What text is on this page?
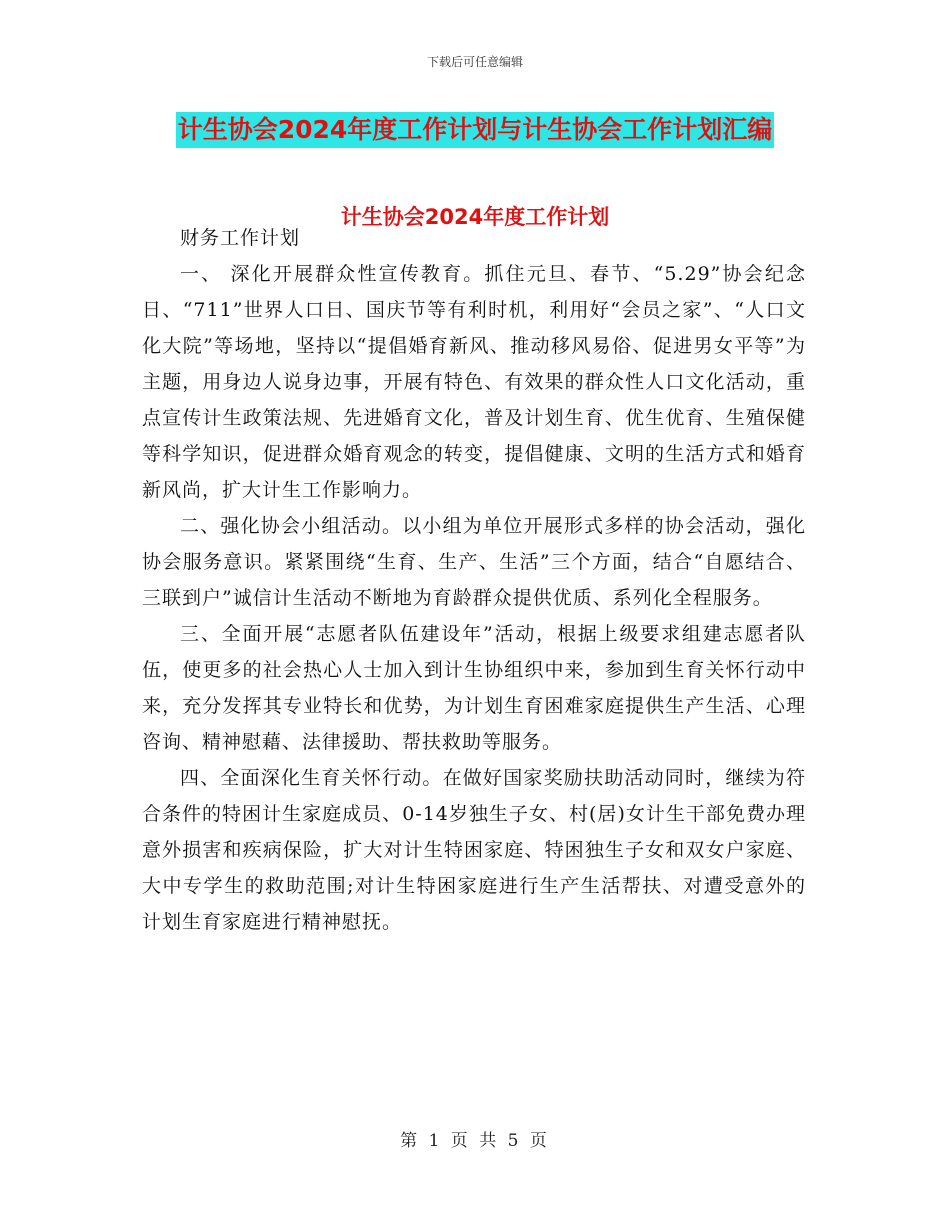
下载后可任意编辑
计生协会2024年度工作计划与计生协会工作计划汇编
计生协会2024年度工作计划

财务工作计划

一、 深化开展群众性宣传教育。抓住元旦、春节、“5.29”协会纪念日、“711”世界人口日、国庆节等有利时机，利用好“会员之家”、“人口文化大院”等场地，坚持以“提倡婚育新风、推动移风易俗、促进男女平等”为主题，用身边人说身边事，开展有特色、有效果的群众性人口文化活动，重点宣传计生政策法规、先进婚育文化，普及计划生育、优生优育、生殖保健等科学知识，促进群众婚育观念的转变，提倡健康、文明的生活方式和婚育新风尚，扩大计生工作影响力。

二、强化协会小组活动。以小组为单位开展形式多样的协会活动，强化协会服务意识。紧紧围绕“生育、生产、生活”三个方面，结合“自愿结合、三联到户”诚信计生活动不断地为育龄群众提供优质、系列化全程服务。

三、全面开展“志愿者队伍建设年”活动，根据上级要求组建志愿者队伍，使更多的社会热心人士加入到计生协组织中来，参加到生育关怀行动中来，充分发挥其专业特长和优势，为计划生育困难家庭提供生产生活、心理咨询、精神慰藉、法律援助、帮扶救助等服务。

四、全面深化生育关怀行动。在做好国家奖励扶助活动同时，继续为符合条件的特困计生家庭成员、0-14岁独生子女、村(居)女计生干部免费办理意外损害和疾病保险，扩大对计生特困家庭、特困独生子女和双女户家庭、大中专学生的救助范围;对计生特困家庭进行生产生活帮扶、对遭受意外的计划生育家庭进行精神慰抚。

第 1 页 共 5 页
